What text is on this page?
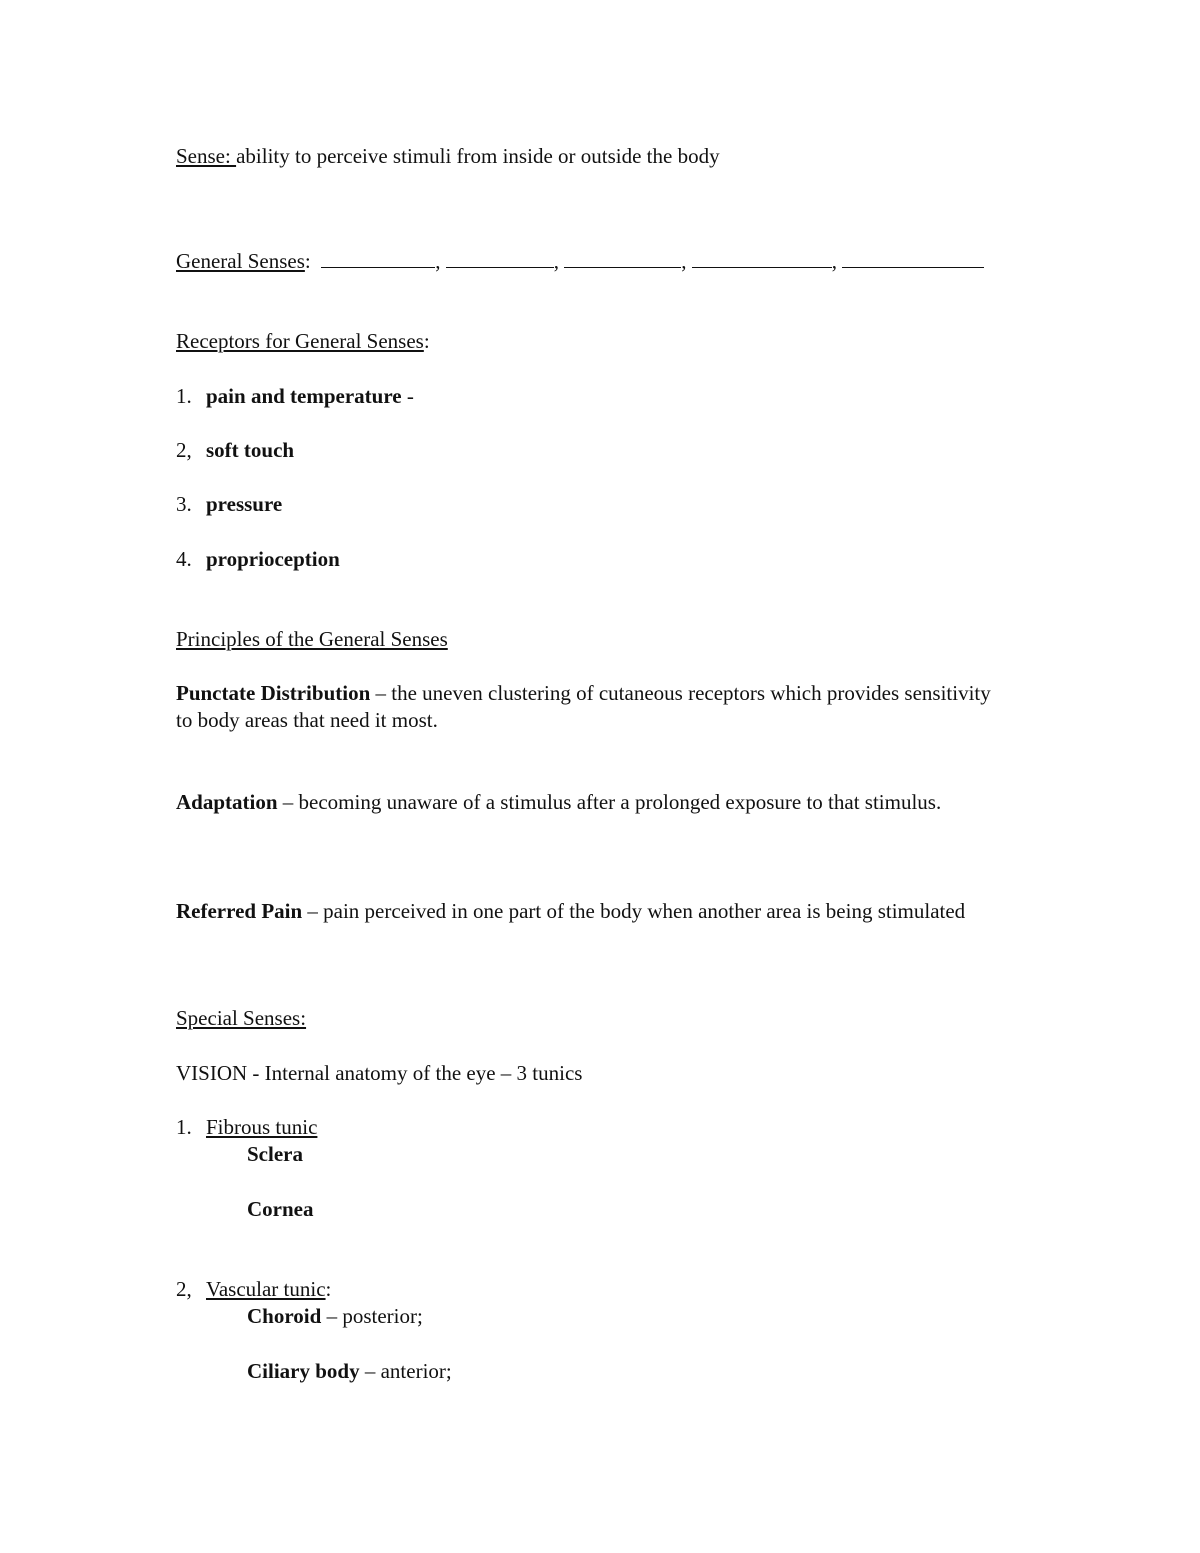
Sense: ability to perceive stimuli from inside or outside the body
General Senses:	,	,	,	,
Receptors for General Senses:
1. pain and temperature -
2, soft touch
3. pressure
4. proprioception
Principles of the General Senses
Punctate Distribution – the uneven clustering of cutaneous receptors which provides sensitivity to body areas that need it most.
Adaptation – becoming unaware of a stimulus after a prolonged exposure to that stimulus.
Referred Pain – pain perceived in one part of the body when another area is being stimulated
Special Senses:
VISION - Internal anatomy of the eye – 3 tunics
1. Fibrous tunic
Sclera
Cornea
2, Vascular tunic:
Choroid – posterior;
Ciliary body – anterior;
